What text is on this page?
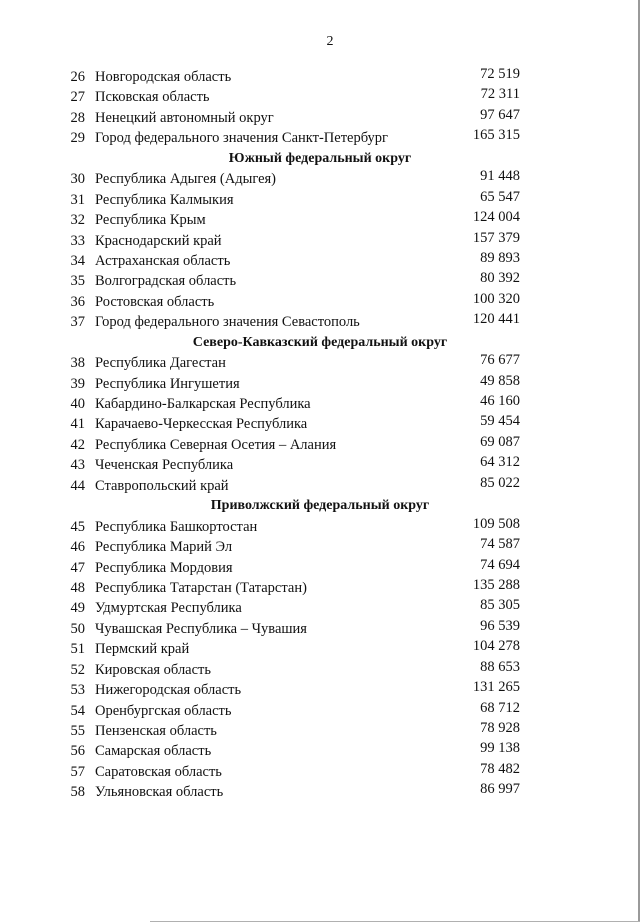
2
26 Новгородская область	72 519
27 Псковская область	72 311
28 Ненецкий автономный округ	97 647
29 Город федерального значения Санкт-Петербург	165 315
Южный федеральный округ
30 Республика Адыгея (Адыгея)	91 448
31 Республика Калмыкия	65 547
32 Республика Крым	124 004
33 Краснодарский край	157 379
34 Астраханская область	89 893
35 Волгоградская область	80 392
36 Ростовская область	100 320
37 Город федерального значения Севастополь	120 441
Северо-Кавказский федеральный округ
38 Республика Дагестан	76 677
39 Республика Ингушетия	49 858
40 Кабардино-Балкарская Республика	46 160
41 Карачаево-Черкесская Республика	59 454
42 Республика Северная Осетия – Алания	69 087
43 Чеченская Республика	64 312
44 Ставропольский край	85 022
Приволжский федеральный округ
45 Республика Башкортостан	109 508
46 Республика Марий Эл	74 587
47 Республика Мордовия	74 694
48 Республика Татарстан (Татарстан)	135 288
49 Удмуртская Республика	85 305
50 Чувашская Республика – Чувашия	96 539
51 Пермский край	104 278
52 Кировская область	88 653
53 Нижегородская область	131 265
54 Оренбургская область	68 712
55 Пензенская область	78 928
56 Самарская область	99 138
57 Саратовская область	78 482
58 Ульяновская область	86 997
